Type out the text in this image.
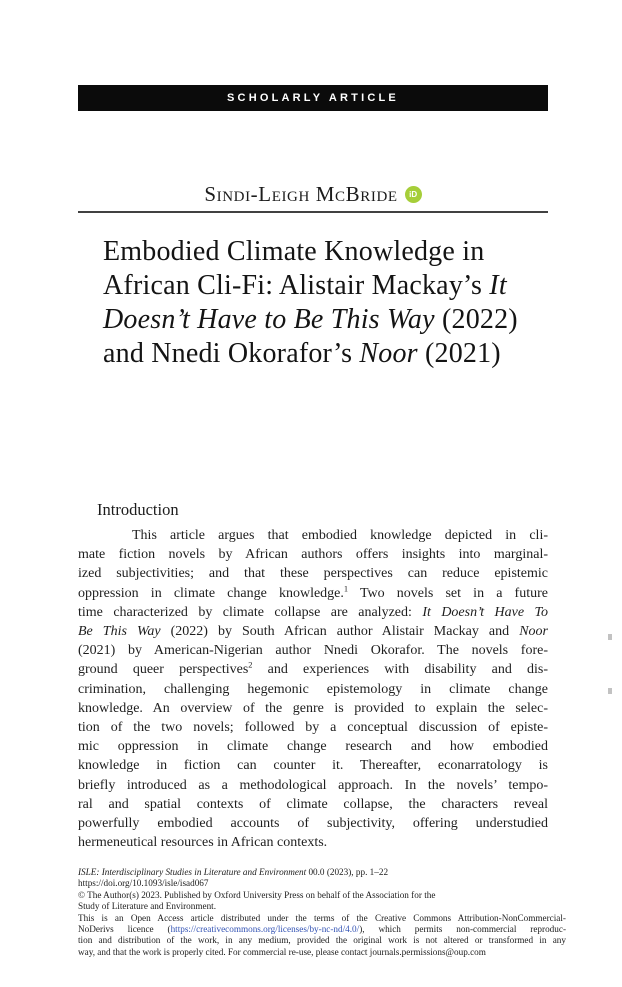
SCHOLARLY ARTICLE
Sindi-Leigh McBride	iD
Embodied Climate Knowledge in
African Cli-Fi: Alistair Mackay’s It
Doesn’t Have to Be This Way (2022)
and Nnedi Okorafor’s Noor (2021)
Introduction
This article argues that embodied knowledge depicted in cli-
mate fiction novels by African authors offers insights into marginal-
ized subjectivities; and that these perspectives can reduce epistemic
oppression in climate change knowledge.$^1$ Two novels set in a future
time characterized by climate collapse are analyzed: It Doesn’t Have To
Be This Way (2022) by South African author Alistair Mackay and Noor
(2021) by American-Nigerian author Nnedi Okorafor. The novels fore-
ground queer perspectives$^2$ and experiences with disability and dis-
crimination, challenging hegemonic epistemology in climate change
knowledge. An overview of the genre is provided to explain the selec-
tion of the two novels; followed by a conceptual discussion of episte-
mic oppression in climate change research and how embodied
knowledge in fiction can counter it. Thereafter, econarratology is
briefly introduced as a methodological approach. In the novels’ tempo-
ral and spatial contexts of climate collapse, the characters reveal
powerfully embodied accounts of subjectivity, offering understudied
hermeneutical resources in African contexts.
ISLE: Interdisciplinary Studies in Literature and Environment 00.0 (2023), pp. 1–22
https://doi.org/10.1093/isle/isad067
© The Author(s) 2023. Published by Oxford University Press on behalf of the Association for the
Study of Literature and Environment.
This is an Open Access article distributed under the terms of the Creative Commons Attribution-NonCommercial-
NoDerivs licence (https://creativecommons.org/licenses/by-nc-nd/4.0/), which permits non-commercial reproduc-
tion and distribution of the work, in any medium, provided the original work is not altered or transformed in any
way, and that the work is properly cited. For commercial re-use, please contact journals.permissions@oup.com
